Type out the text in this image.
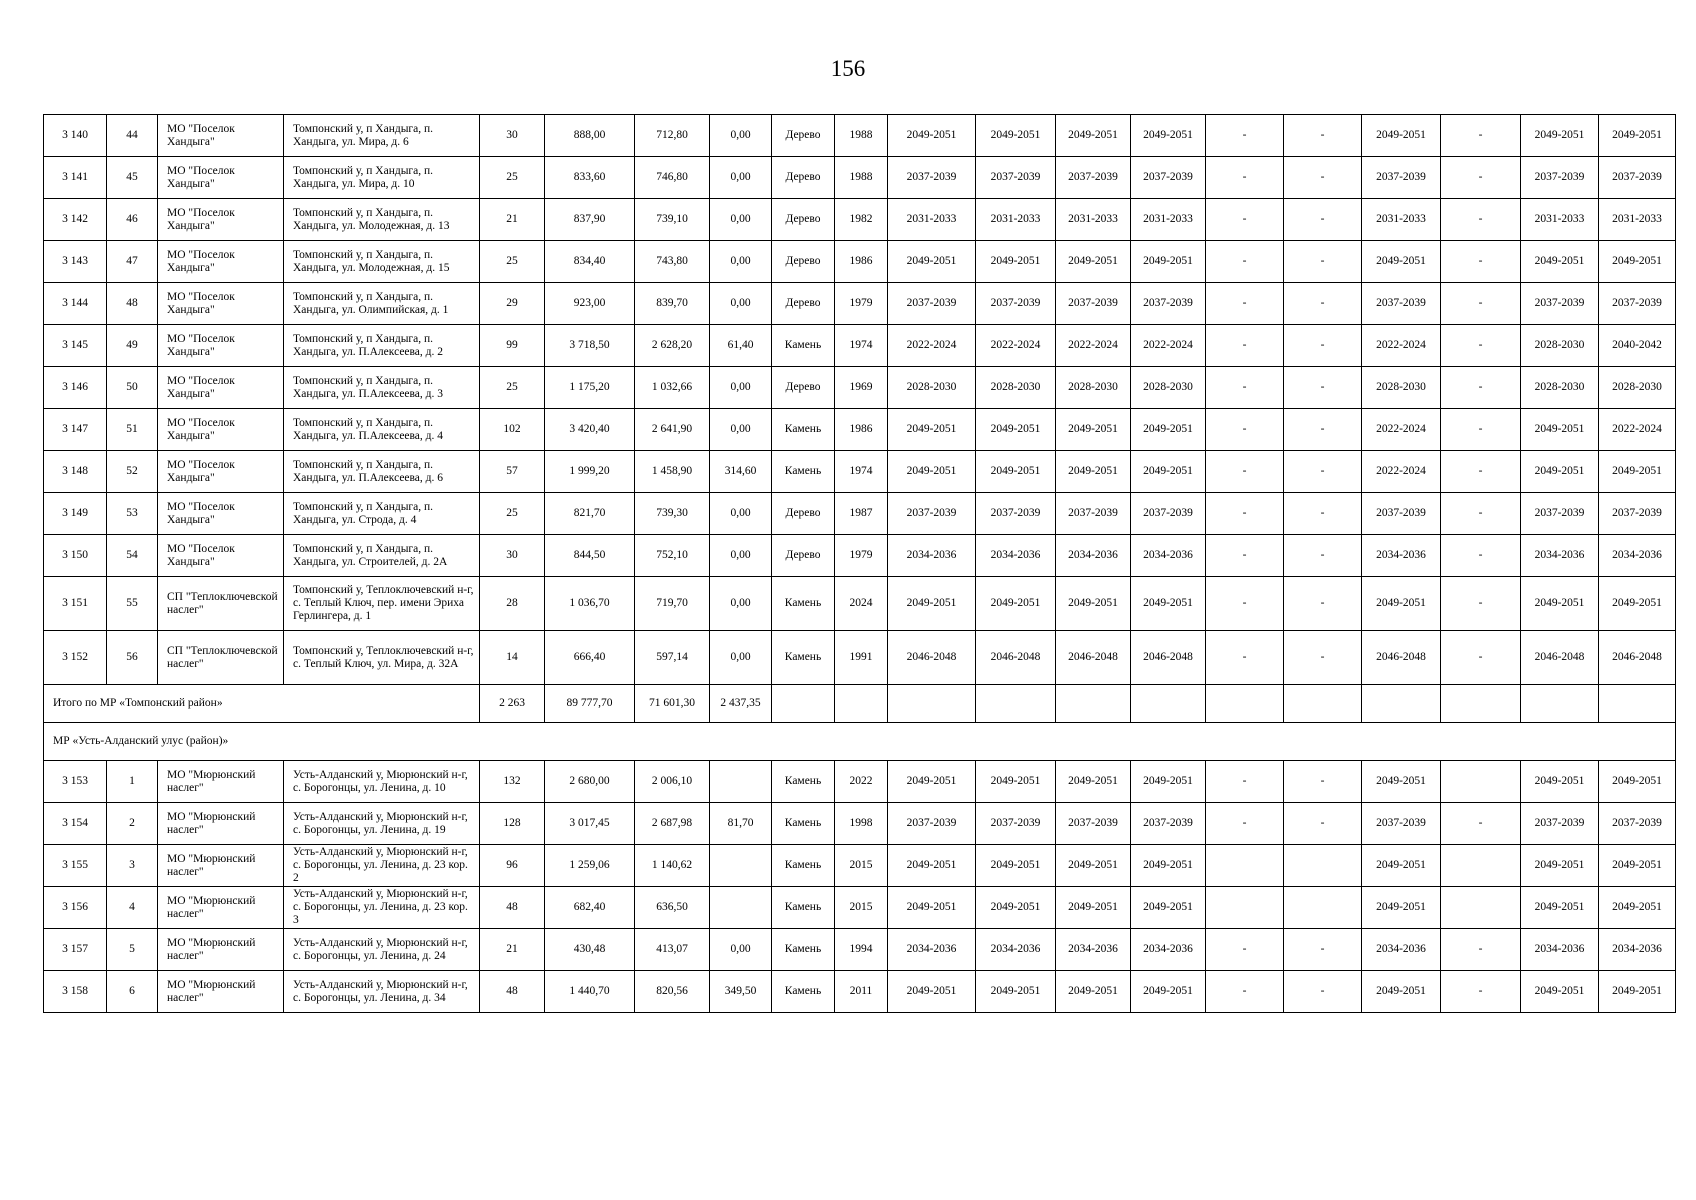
156
3 140	44	МО "Поселок Хандыга"	Томпонский у, п Хандыга, п. Хандыга, ул. Мира, д. 6	30	888,00	712,80	0,00	Дерево	1988	2049-2051	2049-2051	2049-2051	2049-2051	-	-	2049-2051	-	2049-2051	2049-2051
3 141	45	МО "Поселок Хандыга"	Томпонский у, п Хандыга, п. Хандыга, ул. Мира, д. 10	25	833,60	746,80	0,00	Дерево	1988	2037-2039	2037-2039	2037-2039	2037-2039	-	-	2037-2039	-	2037-2039	2037-2039
3 142	46	МО "Поселок Хандыга"	Томпонский у, п Хандыга, п. Хандыга, ул. Молодежная, д. 13	21	837,90	739,10	0,00	Дерево	1982	2031-2033	2031-2033	2031-2033	2031-2033	-	-	2031-2033	-	2031-2033	2031-2033
3 143	47	МО "Поселок Хандыга"	Томпонский у, п Хандыга, п. Хандыга, ул. Молодежная, д. 15	25	834,40	743,80	0,00	Дерево	1986	2049-2051	2049-2051	2049-2051	2049-2051	-	-	2049-2051	-	2049-2051	2049-2051
3 144	48	МО "Поселок Хандыга"	Томпонский у, п Хандыга, п. Хандыга, ул. Олимпийская, д. 1	29	923,00	839,70	0,00	Дерево	1979	2037-2039	2037-2039	2037-2039	2037-2039	-	-	2037-2039	-	2037-2039	2037-2039
3 145	49	МО "Поселок Хандыга"	Томпонский у, п Хандыга, п. Хандыга, ул. П.Алексеева, д. 2	99	3 718,50	2 628,20	61,40	Камень	1974	2022-2024	2022-2024	2022-2024	2022-2024	-	-	2022-2024	-	2028-2030	2040-2042
3 146	50	МО "Поселок Хандыга"	Томпонский у, п Хандыга, п. Хандыга, ул. П.Алексеева, д. 3	25	1 175,20	1 032,66	0,00	Дерево	1969	2028-2030	2028-2030	2028-2030	2028-2030	-	-	2028-2030	-	2028-2030	2028-2030
3 147	51	МО "Поселок Хандыга"	Томпонский у, п Хандыга, п. Хандыга, ул. П.Алексеева, д. 4	102	3 420,40	2 641,90	0,00	Камень	1986	2049-2051	2049-2051	2049-2051	2049-2051	-	-	2022-2024	-	2049-2051	2022-2024
3 148	52	МО "Поселок Хандыга"	Томпонский у, п Хандыга, п. Хандыга, ул. П.Алексеева, д. 6	57	1 999,20	1 458,90	314,60	Камень	1974	2049-2051	2049-2051	2049-2051	2049-2051	-	-	2022-2024	-	2049-2051	2049-2051
3 149	53	МО "Поселок Хандыга"	Томпонский у, п Хандыга, п. Хандыга, ул. Строда, д. 4	25	821,70	739,30	0,00	Дерево	1987	2037-2039	2037-2039	2037-2039	2037-2039	-	-	2037-2039	-	2037-2039	2037-2039
3 150	54	МО "Поселок Хандыга"	Томпонский у, п Хандыга, п. Хандыга, ул. Строителей, д. 2А	30	844,50	752,10	0,00	Дерево	1979	2034-2036	2034-2036	2034-2036	2034-2036	-	-	2034-2036	-	2034-2036	2034-2036
3 151	55	СП "Теплоключевской наслег"	Томпонский у, Теплоключевский н-г, с. Теплый Ключ, пер. имени Эриха Герлингера, д. 1	28	1 036,70	719,70	0,00	Камень	2024	2049-2051	2049-2051	2049-2051	2049-2051	-	-	2049-2051	-	2049-2051	2049-2051
3 152	56	СП "Теплоключевской наслег"	Томпонский у, Теплоключевский н-г, с. Теплый Ключ, ул. Мира, д. 32А	14	666,40	597,14	0,00	Камень	1991	2046-2048	2046-2048	2046-2048	2046-2048	-	-	2046-2048	-	2046-2048	2046-2048
Итого по МР «Томпонский район»				2 263	89 777,70	71 601,30	2 437,35												
МР «Усть-Алданский улус (район)»																			
3 153	1	МО "Мюрюнский наслег"	Усть-Алданский у, Мюрюнский н-г, с. Борогонцы, ул. Ленина, д. 10	132	2 680,00	2 006,10		Камень	2022	2049-2051	2049-2051	2049-2051	2049-2051	-	-	2049-2051		2049-2051	2049-2051
3 154	2	МО "Мюрюнский наслег"	Усть-Алданский у, Мюрюнский н-г, с. Борогонцы, ул. Ленина, д. 19	128	3 017,45	2 687,98	81,70	Камень	1998	2037-2039	2037-2039	2037-2039	2037-2039	-	-	2037-2039	-	2037-2039	2037-2039
3 155	3	МО "Мюрюнский наслег"	Усть-Алданский у, Мюрюнский н-г, с. Борогонцы, ул. Ленина, д. 23 кор. 2	96	1 259,06	1 140,62		Камень	2015	2049-2051	2049-2051	2049-2051	2049-2051			2049-2051		2049-2051	2049-2051
3 156	4	МО "Мюрюнский наслег"	Усть-Алданский у, Мюрюнский н-г, с. Борогонцы, ул. Ленина, д. 23 кор. 3	48	682,40	636,50		Камень	2015	2049-2051	2049-2051	2049-2051	2049-2051			2049-2051		2049-2051	2049-2051
3 157	5	МО "Мюрюнский наслег"	Усть-Алданский у, Мюрюнский н-г, с. Борогонцы, ул. Ленина, д. 24	21	430,48	413,07	0,00	Камень	1994	2034-2036	2034-2036	2034-2036	2034-2036	-	-	2034-2036	-	2034-2036	2034-2036
3 158	6	МО "Мюрюнский наслег"	Усть-Алданский у, Мюрюнский н-г, с. Борогонцы, ул. Ленина, д. 34	48	1 440,70	820,56	349,50	Камень	2011	2049-2051	2049-2051	2049-2051	2049-2051	-	-	2049-2051	-	2049-2051	2049-2051
